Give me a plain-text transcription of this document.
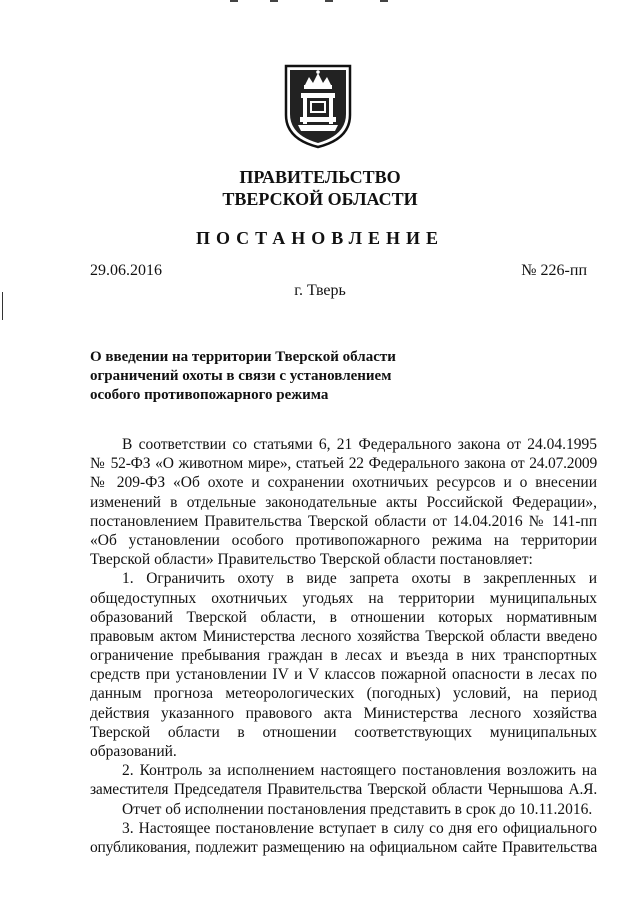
ПРАВИТЕЛЬСТВО
ТВЕРСКОЙ ОБЛАСТИ
ПОСТАНОВЛЕНИЕ
29.06.2016	№ 226-пп
г. Тверь
О введении на территории Тверской области
ограничений охоты в связи с установлением
особого противопожарного режима
В соответствии со статьями 6, 21 Федерального закона от 24.04.1995
№ 52-ФЗ «О животном мире», статьей 22 Федерального закона от 24.07.2009
№ 209-ФЗ «Об охоте и сохранении охотничьих ресурсов и о внесении
изменений в отдельные законодательные акты Российской Федерации»,
постановлением Правительства Тверской области от 14.04.2016 № 141-пп
«Об установлении особого противопожарного режима на территории
Тверской области» Правительство Тверской области постановляет:
1. Ограничить охоту в виде запрета охоты в закрепленных и
общедоступных охотничьих угодьях на территории муниципальных
образований Тверской области, в отношении которых нормативным
правовым актом Министерства лесного хозяйства Тверской области введено
ограничение пребывания граждан в лесах и въезда в них транспортных
средств при установлении IV и V классов пожарной опасности в лесах по
данным прогноза метеорологических (погодных) условий, на период
действия указанного правового акта Министерства лесного хозяйства
Тверской области в отношении соответствующих муниципальных
образований.
2. Контроль за исполнением настоящего постановления возложить на
заместителя Председателя Правительства Тверской области Чернышова А.Я.
Отчет об исполнении постановления представить в срок до 10.11.2016.
3. Настоящее постановление вступает в силу со дня его официального
опубликования, подлежит размещению на официальном сайте Правительства
